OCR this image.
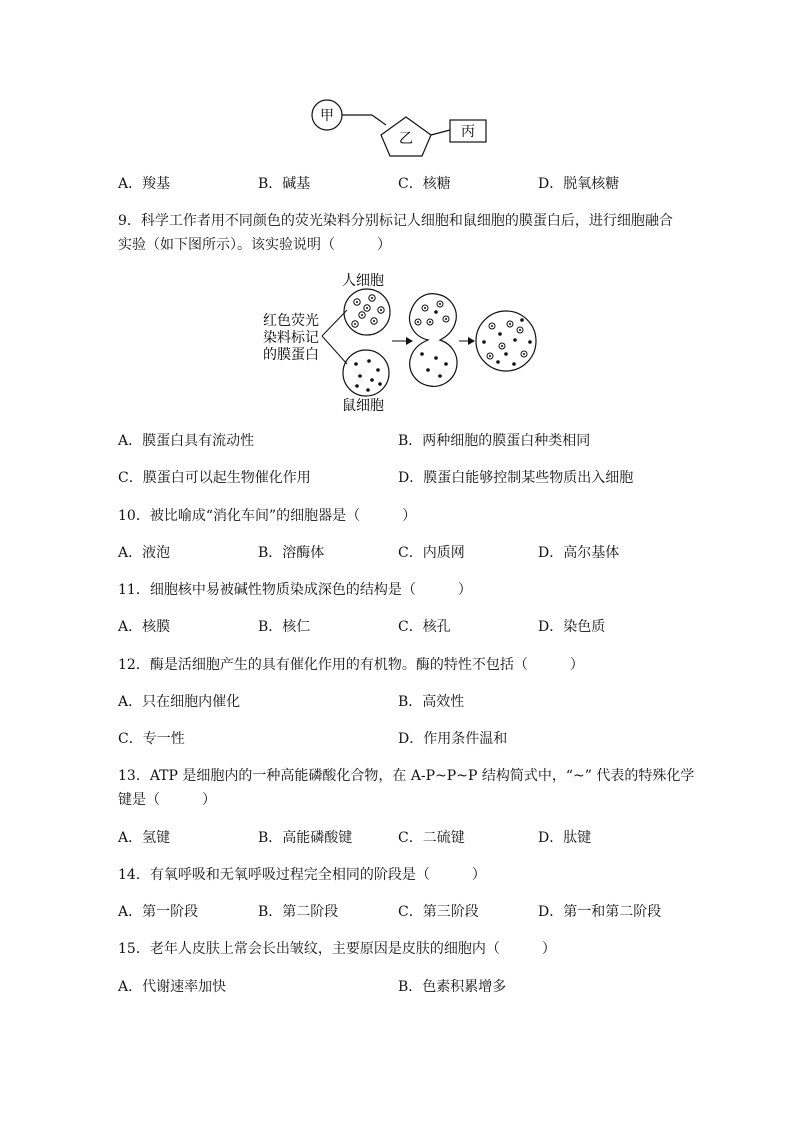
甲
乙	丙
A．羧基	B．碱基	C．核糖	D．脱氧核糖
9．科学工作者用不同颜色的荧光染料分别标记人细胞和鼠细胞的膜蛋白后，进行细胞融合
实验（如下图所示）。该实验说明（　　　）
人细胞
鼠细胞
红色荧光
染料标记
的膜蛋白
A．膜蛋白具有流动性	B．两种细胞的膜蛋白种类相同
C．膜蛋白可以起生物催化作用	D．膜蛋白能够控制某些物质出入细胞
10．被比喻成“消化车间”的细胞器是（　　　）
A．液泡	B．溶酶体	C．内质网	D．高尔基体
11．细胞核中易被碱性物质染成深色的结构是（　　　）
A．核膜	B．核仁	C．核孔	D．染色质
12．酶是活细胞产生的具有催化作用的有机物。酶的特性不包括（　　　）
A．只在细胞内催化	B．高效性
C．专一性	D．作用条件温和
13．ATP 是细胞内的一种高能磷酸化合物，在 A-P~P~P 结构简式中，“~” 代表的特殊化学
键是（　　　）
A．氢键	B．高能磷酸键	C．二硫键	D．肽键
14．有氧呼吸和无氧呼吸过程完全相同的阶段是（　　　）
A．第一阶段	B．第二阶段	C．第三阶段	D．第一和第二阶段
15．老年人皮肤上常会长出皱纹，主要原因是皮肤的细胞内（　　　）
A．代谢速率加快	B．色素积累增多
